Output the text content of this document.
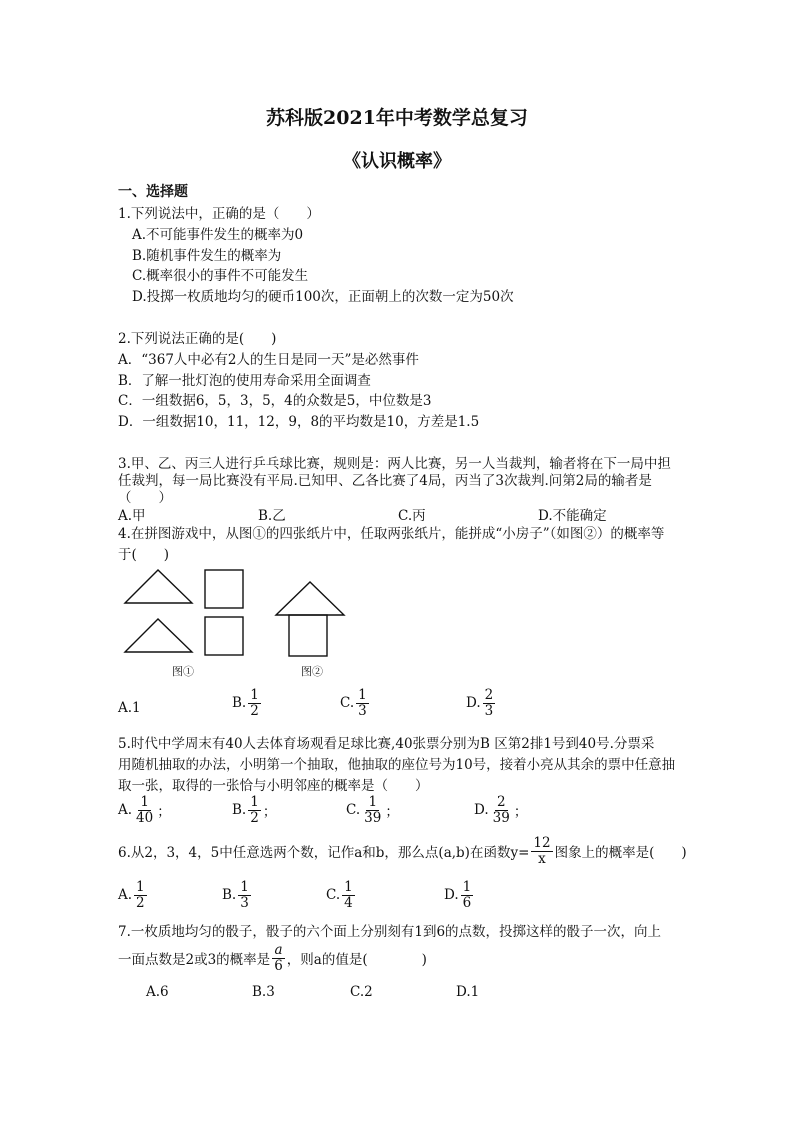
苏科版2021年中考数学总复习
《认识概率》
一、选择题
1.下列说法中，正确的是（　　）
A.不可能事件发生的概率为0
B.随机事件发生的概率为
C.概率很小的事件不可能发生
D.投掷一枚质地均匀的硬币100次，正面朝上的次数一定为50次
2.下列说法正确的是(　　)
A．“367人中必有2人的生日是同一天”是必然事件
B．了解一批灯泡的使用寿命采用全面调查
C．一组数据6，5，3，5，4的众数是5，中位数是3
D．一组数据10，11，12，9，8的平均数是10，方差是1.5
3.甲、乙、丙三人进行乒乓球比赛，规则是：两人比赛，另一人当裁判，输者将在下一局中担
任裁判，每一局比赛没有平局.已知甲、乙各比赛了4局，丙当了3次裁判.问第2局的输者是
（　　）
A.甲	B.乙	C.丙	D.不能确定
4.在拼图游戏中，从图①的四张纸片中，任取两张纸片，能拼成“小房子”（如图②）的概率等
于(　　)
图①	图②
A.1	B. $\frac{1}{2}$	C. $\frac{1}{3}$	D. $\frac{2}{3}$
5.时代中学周末有40人去体育场观看足球比赛,40张票分别为B 区第2排1号到40号.分票采
用随机抽取的办法，小明第一个抽取，他抽取的座位号为10号，接着小亮从其余的票中任意抽
取一张，取得的一张恰与小明邻座的概率是（　　）
A. $\frac{1}{40}$ ；	B. $\frac{1}{2}$ ；	C. $\frac{1}{39}$ ；	D. $\frac{2}{39}$ ；
6.从2，3，4，5中任意选两个数，记作a和b，那么点(a,b)在函数$y= \frac{12}{x}$ 图象上的概率是(　　)
A. $\frac{1}{2}$	B. $\frac{1}{3}$	C. $\frac{1}{4}$	D. $\frac{1}{6}$
7.一枚质地均匀的骰子，骰子的六个面上分别刻有1到6的点数，投掷这样的骰子一次，向上
一面点数是2或3的概率是 $\frac{a}{6}$ ，则a的值是(　　　　)
A.6	B.3	C.2	D.1
